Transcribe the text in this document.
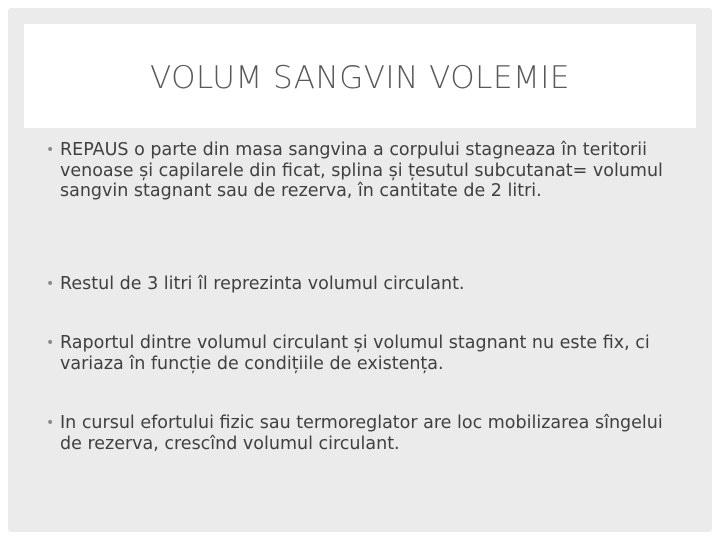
VOLUM SANGVIN VOLEMIE
• REPAUS o parte din masa sangvina a corpului stagneaza în teritorii venoase și capilarele din ficat, splina și țesutul subcutanat= volumul sangvin stagnant sau de rezerva, în cantitate de 2 litri.
• Restul de 3 litri îl reprezinta volumul circulant.
• Raportul dintre volumul circulant și volumul stagnant nu este fix, ci variaza în funcție de condițiile de existența.
• In cursul efortului fizic sau termoreglator are loc mobilizarea sîngelui de rezerva, crescînd volumul circulant.
